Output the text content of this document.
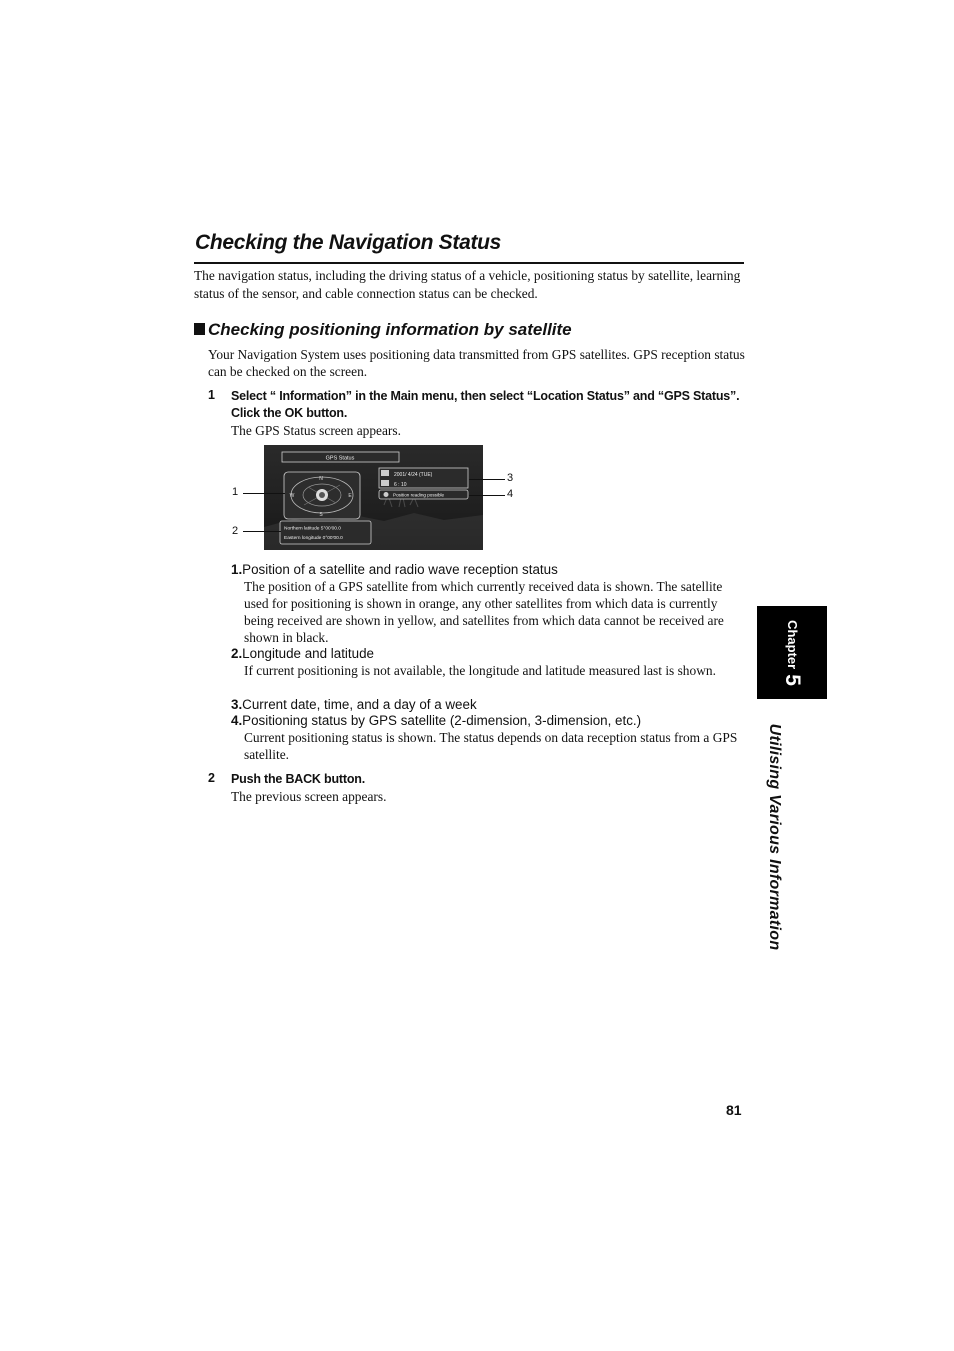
Checking the Navigation Status
The navigation status, including the driving status of a vehicle, positioning status by satellite, learning status of the sensor, and cable connection status can be checked.
Checking positioning information by satellite
Your Navigation System uses positioning data transmitted from GPS satellites. GPS reception status can be checked on the screen.
1 Select “ Information” in the Main menu, then select “Location Status” and “GPS Status”. Click the OK button.
The GPS Status screen appears.
GPS Status
N
S
E
W
2001/ 4/24 (TUE)
6 : 10
Position reading possible
Northern latitude 5°00'00.0
Eastern longitude 0°00'00.0
1
2
3
4
1.Position of a satellite and radio wave reception status
The position of a GPS satellite from which currently received data is shown. The satellite used for positioning is shown in orange, any other satellites from which data is currently being received are shown in yellow, and satellites from which data cannot be received are shown in black.
2.Longitude and latitude
If current positioning is not available, the longitude and latitude measured last is shown.
3.Current date, time, and a day of a week
4.Positioning status by GPS satellite (2-dimension, 3-dimension, etc.)
Current positioning status is shown. The status depends on data reception status from a GPS satellite.
2 Push the BACK button.
The previous screen appears.
Chapter5
Utilising Various Information
81
